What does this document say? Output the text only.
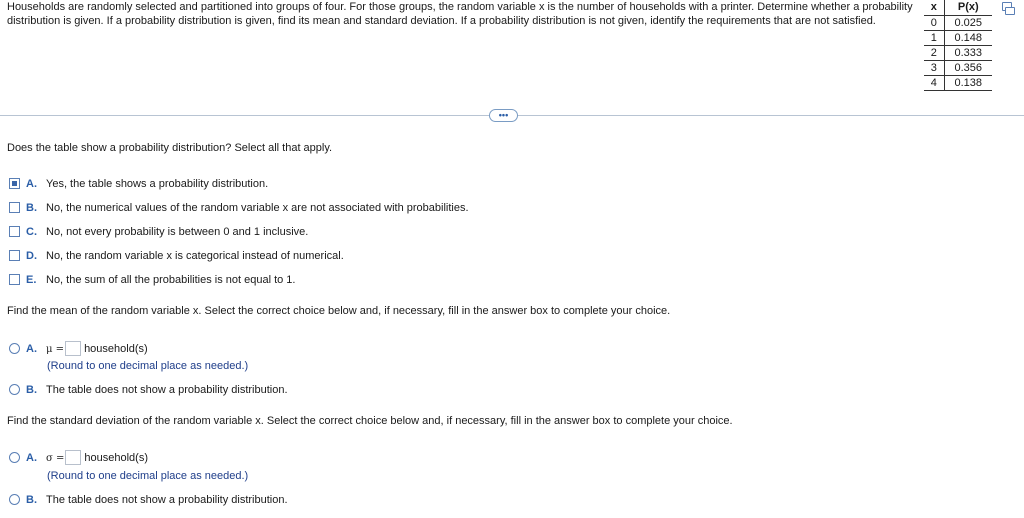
Households are randomly selected and partitioned into groups of four. For those groups, the random variable x is the number of households with a printer. Determine whether a probability distribution is given. If a probability distribution is given, find its mean and standard deviation. If a probability distribution is not given, identify the requirements that are not satisfied.
x	P(x)
0	0.025
1	0.148
2	0.333
3	0.356
4	0.138
•••
Does the table show a probability distribution? Select all that apply.
A. Yes, the table shows a probability distribution.
B. No, the numerical values of the random variable x are not associated with probabilities.
C. No, not every probability is between 0 and 1 inclusive.
D. No, the random variable x is categorical instead of numerical.
E. No, the sum of all the probabilities is not equal to 1.
Find the mean of the random variable x. Select the correct choice below and, if necessary, fill in the answer box to complete your choice.
A. μ = household(s)
(Round to one decimal place as needed.)
B. The table does not show a probability distribution.
Find the standard deviation of the random variable x. Select the correct choice below and, if necessary, fill in the answer box to complete your choice.
A. σ = household(s)
(Round to one decimal place as needed.)
B. The table does not show a probability distribution.
